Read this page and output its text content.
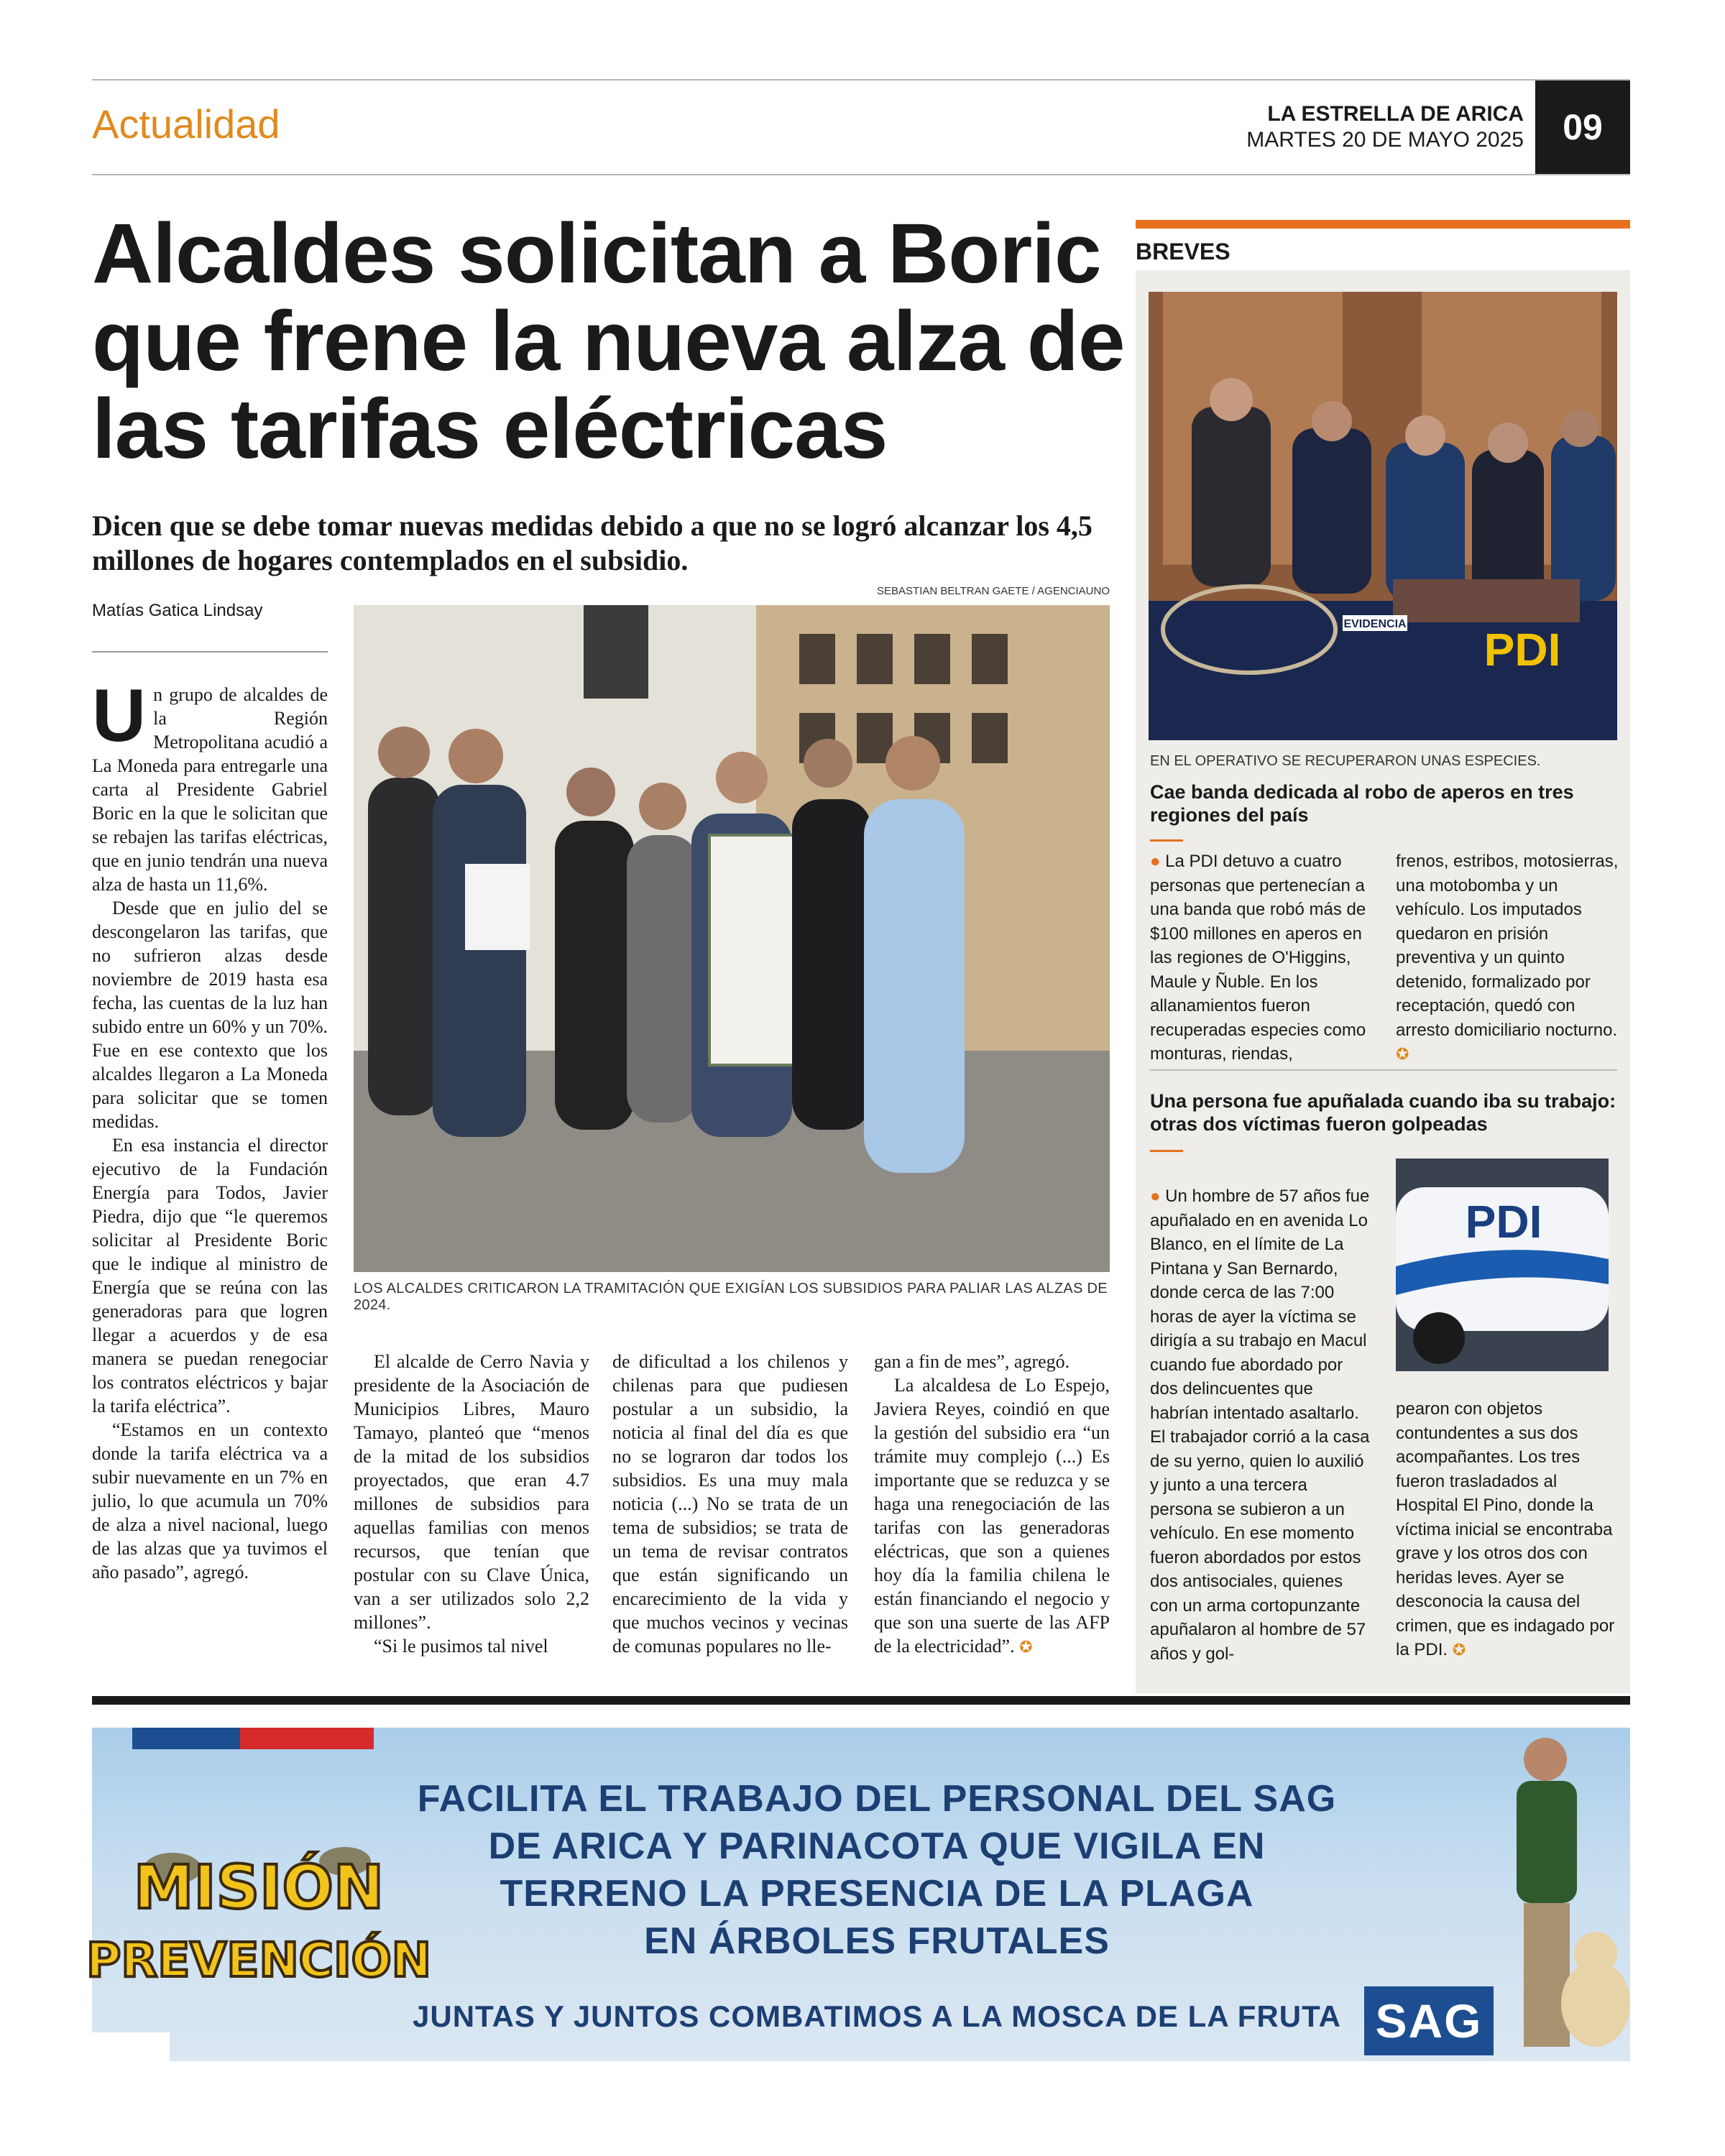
Actualidad	LA ESTRELLA DE ARICA
MARTES 20 DE MAYO 2025	09
Alcaldes solicitan a Boric que frene la nueva alza de las tarifas eléctricas
Dicen que se debe tomar nuevas medidas debido a que no se logró alcanzar los 4,5 millones de hogares contemplados en el subsidio.
Matías Gatica Lindsay
SEBASTIAN BELTRAN GAETE / AGENCIAUNO
LOS ALCALDES CRITICARON LA TRAMITACIÓN QUE EXIGÍAN LOS SUBSIDIOS PARA PALIAR LAS ALZAS DE 2024.

Un grupo de alcaldes de la Región Metropolitana acudió a La Moneda para entregarle una carta al Presidente Gabriel Boric en la que le solicitan que se rebajen las tarifas eléctricas, que en junio tendrán una nueva alza de hasta un 11,6%.

Desde que en julio del se descongelaron las tarifas, que no sufrieron alzas desde noviembre de 2019 hasta esa fecha, las cuentas de la luz han subido entre un 60% y un 70%. Fue en ese contexto que los alcaldes llegaron a La Moneda para solicitar que se tomen medidas.

En esa instancia el director ejecutivo de la Fundación Energía para Todos, Javier Piedra, dijo que “le queremos solicitar al Presidente Boric que le indique al ministro de Energía que se reúna con las generadoras para que logren llegar a acuerdos y de esa manera se puedan renegociar los contratos eléctricos y bajar la tarifa eléctrica”.

“Estamos en un contexto donde la tarifa eléctrica va a subir nuevamente en un 7% en julio, lo que acumula un 70% de alza a nivel nacional, luego de las alzas que ya tuvimos el año pasado”, agregó.

El alcalde de Cerro Navia y presidente de la Asociación de Municipios Libres, Mauro Tamayo, planteó que “menos de la mitad de los subsidios proyectados, que eran 4.7 millones de subsidios para aquellas familias con menos recursos, que tenían que postular con su Clave Única, van a ser utilizados solo 2,2 millones”.

“Si le pusimos tal nivel

de dificultad a los chilenos y chilenas para que pudiesen postular a un subsidio, la noticia al final del día es que no se lograron dar todos los subsidios. Es una muy mala noticia (...) No se trata de un tema de subsidios; se trata de un tema de revisar contratos que están significando un encarecimiento de la vida y que muchos vecinos y vecinas de comunas populares no lle-

gan a fin de mes”, agregó.

La alcaldesa de Lo Espejo, Javiera Reyes, coindió en que la gestión del subsidio era “un trámite muy complejo (...) Es importante que se reduzca y se haga una renegociación de las tarifas con las generadoras eléctricas, que son a quienes hoy día la familia chilena le están financiando el negocio y que son una suerte de las AFP de la electricidad”. ✪

BREVES
EVIDENCIA PDI
EN EL OPERATIVO SE RECUPERARON UNAS ESPECIES.
Cae banda dedicada al robo de aperos en tres regiones del país
● La PDI detuvo a cuatro personas que pertenecían a una banda que robó más de $100 millones en aperos en las regiones de O'Higgins, Maule y Ñuble. En los allanamientos fueron recuperadas especies como monturas, riendas,
frenos, estribos, motosierras, una motobomba y un vehículo. Los imputados quedaron en prisión preventiva y un quinto detenido, formalizado por receptación, quedó con arresto domiciliario nocturno. ✪
Una persona fue apuñalada cuando iba su trabajo: otras dos víctimas fueron golpeadas
● Un hombre de 57 años fue apuñalado en en avenida Lo Blanco, en el límite de La Pintana y San Bernardo, donde cerca de las 7:00 horas de ayer la víctima se dirigía a su trabajo en Macul cuando fue abordado por dos delincuentes que habrían intentado asaltarlo. El trabajador corrió a la casa de su yerno, quien lo auxilió y junto a una tercera persona se subieron a un vehículo. En ese momento fueron abordados por estos dos antisociales, quienes con un arma cortopunzante apuñalaron al hombre de 57 años y gol-
PDI
pearon con objetos contundentes a sus dos acompañantes. Los tres fueron trasladados al Hospital El Pino, donde la víctima inicial se encontraba grave y los otros dos con heridas leves. Ayer se desconocia la causa del crimen, que es indagado por la PDI. ✪
MISIÓN
PREVENCIÓN
FACILITA EL TRABAJO DEL PERSONAL DEL SAG
DE ARICA Y PARINACOTA QUE VIGILA EN
TERRENO LA PRESENCIA DE LA PLAGA
EN ÁRBOLES FRUTALES
JUNTAS Y JUNTOS COMBATIMOS A LA MOSCA DE LA FRUTA SAG
